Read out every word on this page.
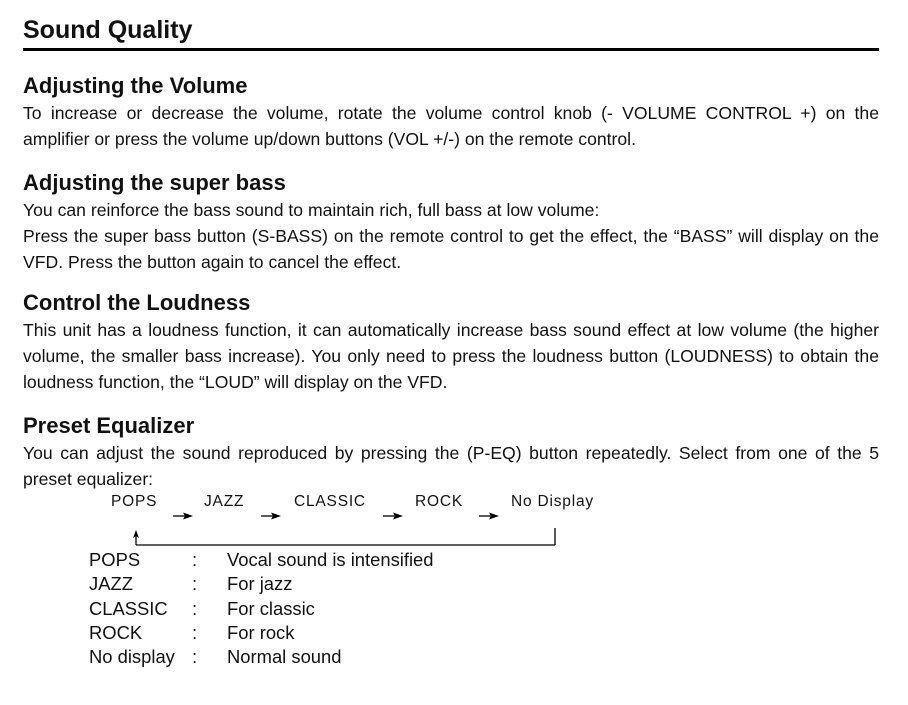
Sound Quality
Adjusting the Volume

To increase or decrease the volume, rotate the volume control knob (- VOLUME CONTROL +) on the amplifier or press the volume up/down buttons (VOL +/-) on the remote control.

Adjusting the super bass

You can reinforce the bass sound to maintain rich, full bass at low volume:

Press the super bass button (S-BASS) on the remote control to get the effect, the “BASS” will display on the VFD. Press the button again to cancel the effect.

Control the Loudness

This unit has a loudness function, it can automatically increase bass sound effect at low volume (the higher volume, the smaller bass increase). You only need to press the loudness button (LOUDNESS) to obtain the loudness function, the “LOUD” will display on the VFD.

Preset Equalizer

You can adjust the sound reproduced by pressing the (P-EQ) button repeatedly. Select from one of the 5 preset equalizer:

POPS	JAZZ	CLASSIC	ROCK	No Display
POPS	: Vocal sound is intensified
JAZZ	: For jazz
CLASSIC : For classic
ROCK	: For rock
No display : Normal sound
